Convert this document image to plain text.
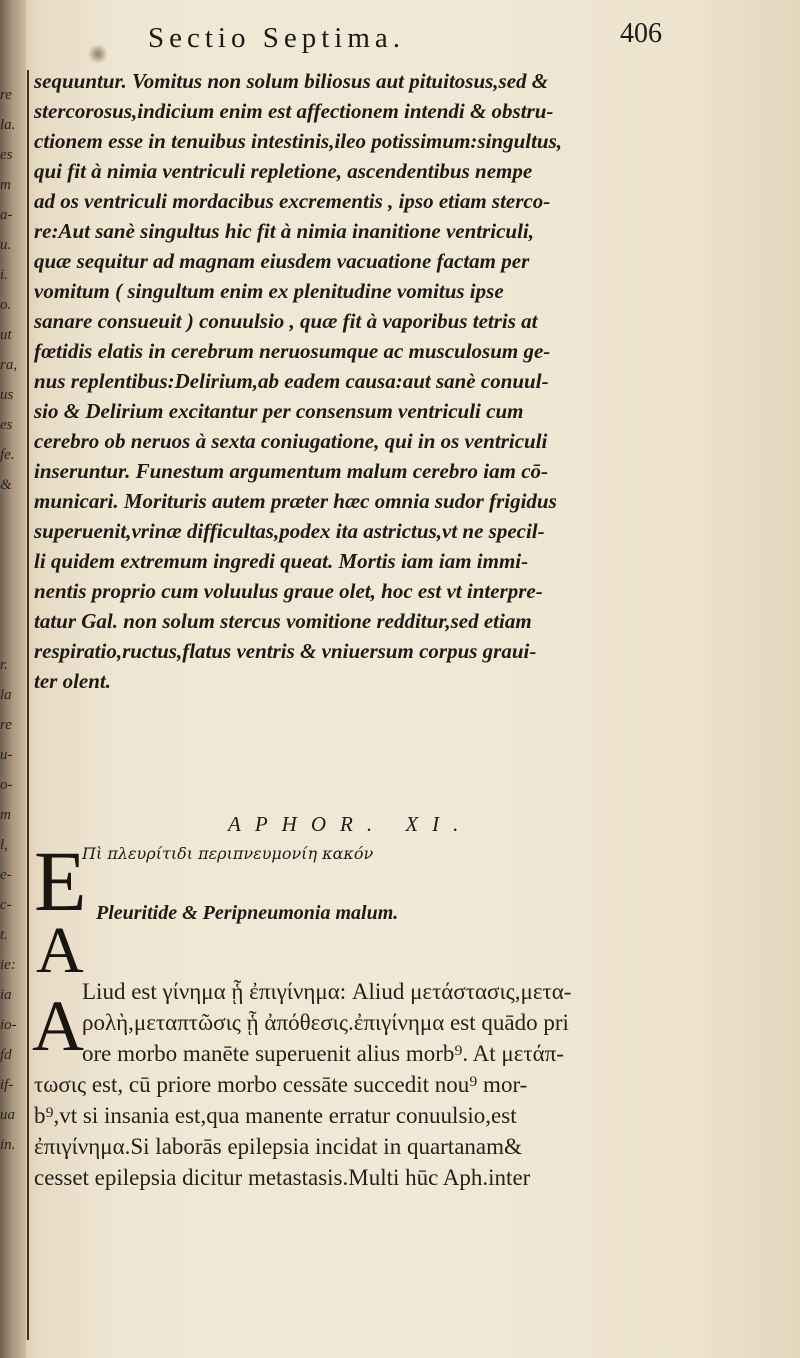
re
la.
es
m
a-
u.
i.
o.
ut
ra,
us
es
fe.
&
r.
la
re
u-
o-
m
l,
e-
c-
t.
ie:
ia
io-
fd
if-
ua
in.
Sectio Septima.	406
sequuntur. Vomitus non solum biliosus aut pituitosus,sed &
stercorosus,indicium enim est affectionem intendi & obstru-
ctionem esse in tenuibus intestinis,ileo potissimum:singultus,
qui fit à nimia ventriculi repletione, ascendentibus nempe
ad os ventriculi mordacibus excrementis , ipso etiam sterco-
re:Aut sanè singultus hic fit à nimia inanitione ventriculi,
quæ sequitur ad magnam eiusdem vacuatione factam per
vomitum ( singultum enim ex plenitudine vomitus ipse
sanare consueuit ) conuulsio , quæ fit à vaporibus tetris at
fœtidis elatis in cerebrum neruosumque ac musculosum ge-
nus replentibus:Delirium,ab eadem causa:aut sanè conuul-
sio & Delirium excitantur per consensum ventriculi cum
cerebro ob neruos à sexta coniugatione, qui in os ventriculi
inseruntur. Funestum argumentum malum cerebro iam cō-
municari. Morituris autem præter hæc omnia sudor frigidus
superuenit,vrinæ difficultas,podex ita astrictus,vt ne specil-
li quidem extremum ingredi queat. Mortis iam iam immi-
nentis proprio cum voluulus graue olet, hoc est vt interpre-
tatur Gal. non solum stercus vomitione redditur,sed etiam
respiratio,ructus,flatus ventris & vniuersum corpus graui-
ter olent.
APHOR. XI.
E
Πὶ πλευρίτιδι περιπνευμονίη κακόν
A
Pleuritide & Peripneumonia malum.
A
Liud est γίνημα ᾗ ἐπιγίνημα: Aliud μετάστασις,μετα-
ρολὴ,μεταπτῶσις ᾗ ἀπόθεσις.ἐπιγίνημα est quādo pri
ore morbo manēte superuenit alius morb⁹. At μετάπ-
τωσις est, cū priore morbo cessāte succedit nou⁹ mor-
b⁹,vt si insania est,qua manente erratur conuulsio,est
ἐπιγίνημα.Si laborās epilepsia incidat in quartanam&
cesset epilepsia dicitur metastasis.Multi hūc Aph.inter
